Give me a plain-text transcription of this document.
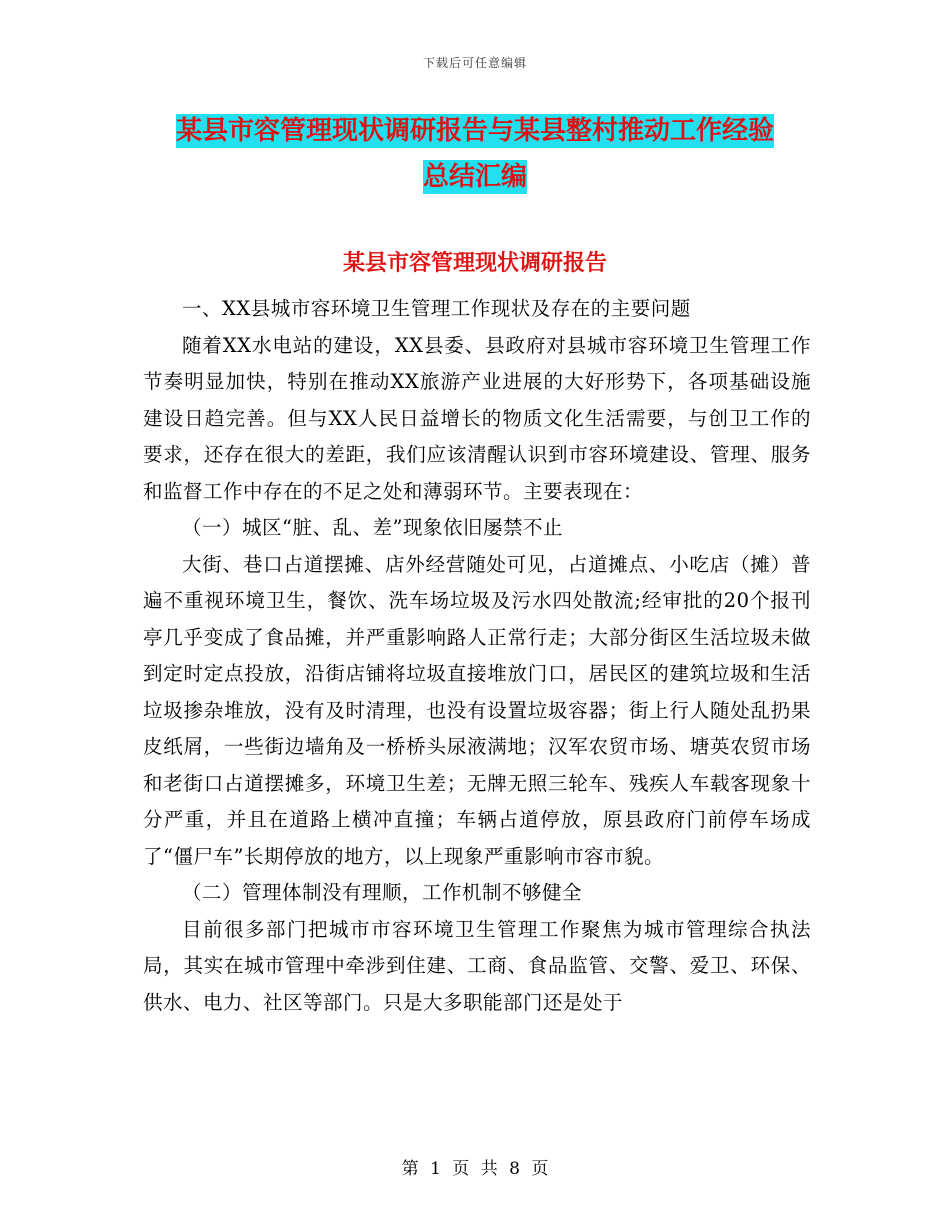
下载后可任意编辑
某县市容管理现状调研报告与某县整村推动工作经验
总结汇编
某县市容管理现状调研报告

一、XX县城市容环境卫生管理工作现状及存在的主要问题

随着XX水电站的建设，XX县委、县政府对县城市容环境卫生管理工作节奏明显加快，特别在推动XX旅游产业进展的大好形势下，各项基础设施建设日趋完善。但与XX人民日益增长的物质文化生活需要，与创卫工作的要求，还存在很大的差距，我们应该清醒认识到市容环境建设、管理、服务和监督工作中存在的不足之处和薄弱环节。主要表现在：

（一）城区“脏、乱、差”现象依旧屡禁不止

大街、巷口占道摆摊、店外经营随处可见，占道摊点、小吃店（摊）普遍不重视环境卫生，餐饮、洗车场垃圾及污水四处散流;经审批的20个报刊亭几乎变成了食品摊，并严重影响路人正常行走；大部分街区生活垃圾未做到定时定点投放，沿街店铺将垃圾直接堆放门口，居民区的建筑垃圾和生活垃圾掺杂堆放，没有及时清理，也没有设置垃圾容器；街上行人随处乱扔果皮纸屑，一些街边墙角及一桥桥头尿液满地；汉军农贸市场、塘英农贸市场和老街口占道摆摊多，环境卫生差；无牌无照三轮车、残疾人车载客现象十分严重，并且在道路上横冲直撞；车辆占道停放，原县政府门前停车场成了“僵尸车”长期停放的地方，以上现象严重影响市容市貌。

（二）管理体制没有理顺，工作机制不够健全

目前很多部门把城市市容环境卫生管理工作聚焦为城市管理综合执法局，其实在城市管理中牵涉到住建、工商、食品监管、交警、爱卫、环保、供水、电力、社区等部门。只是大多职能部门还是处于

第 1 页 共 8 页
